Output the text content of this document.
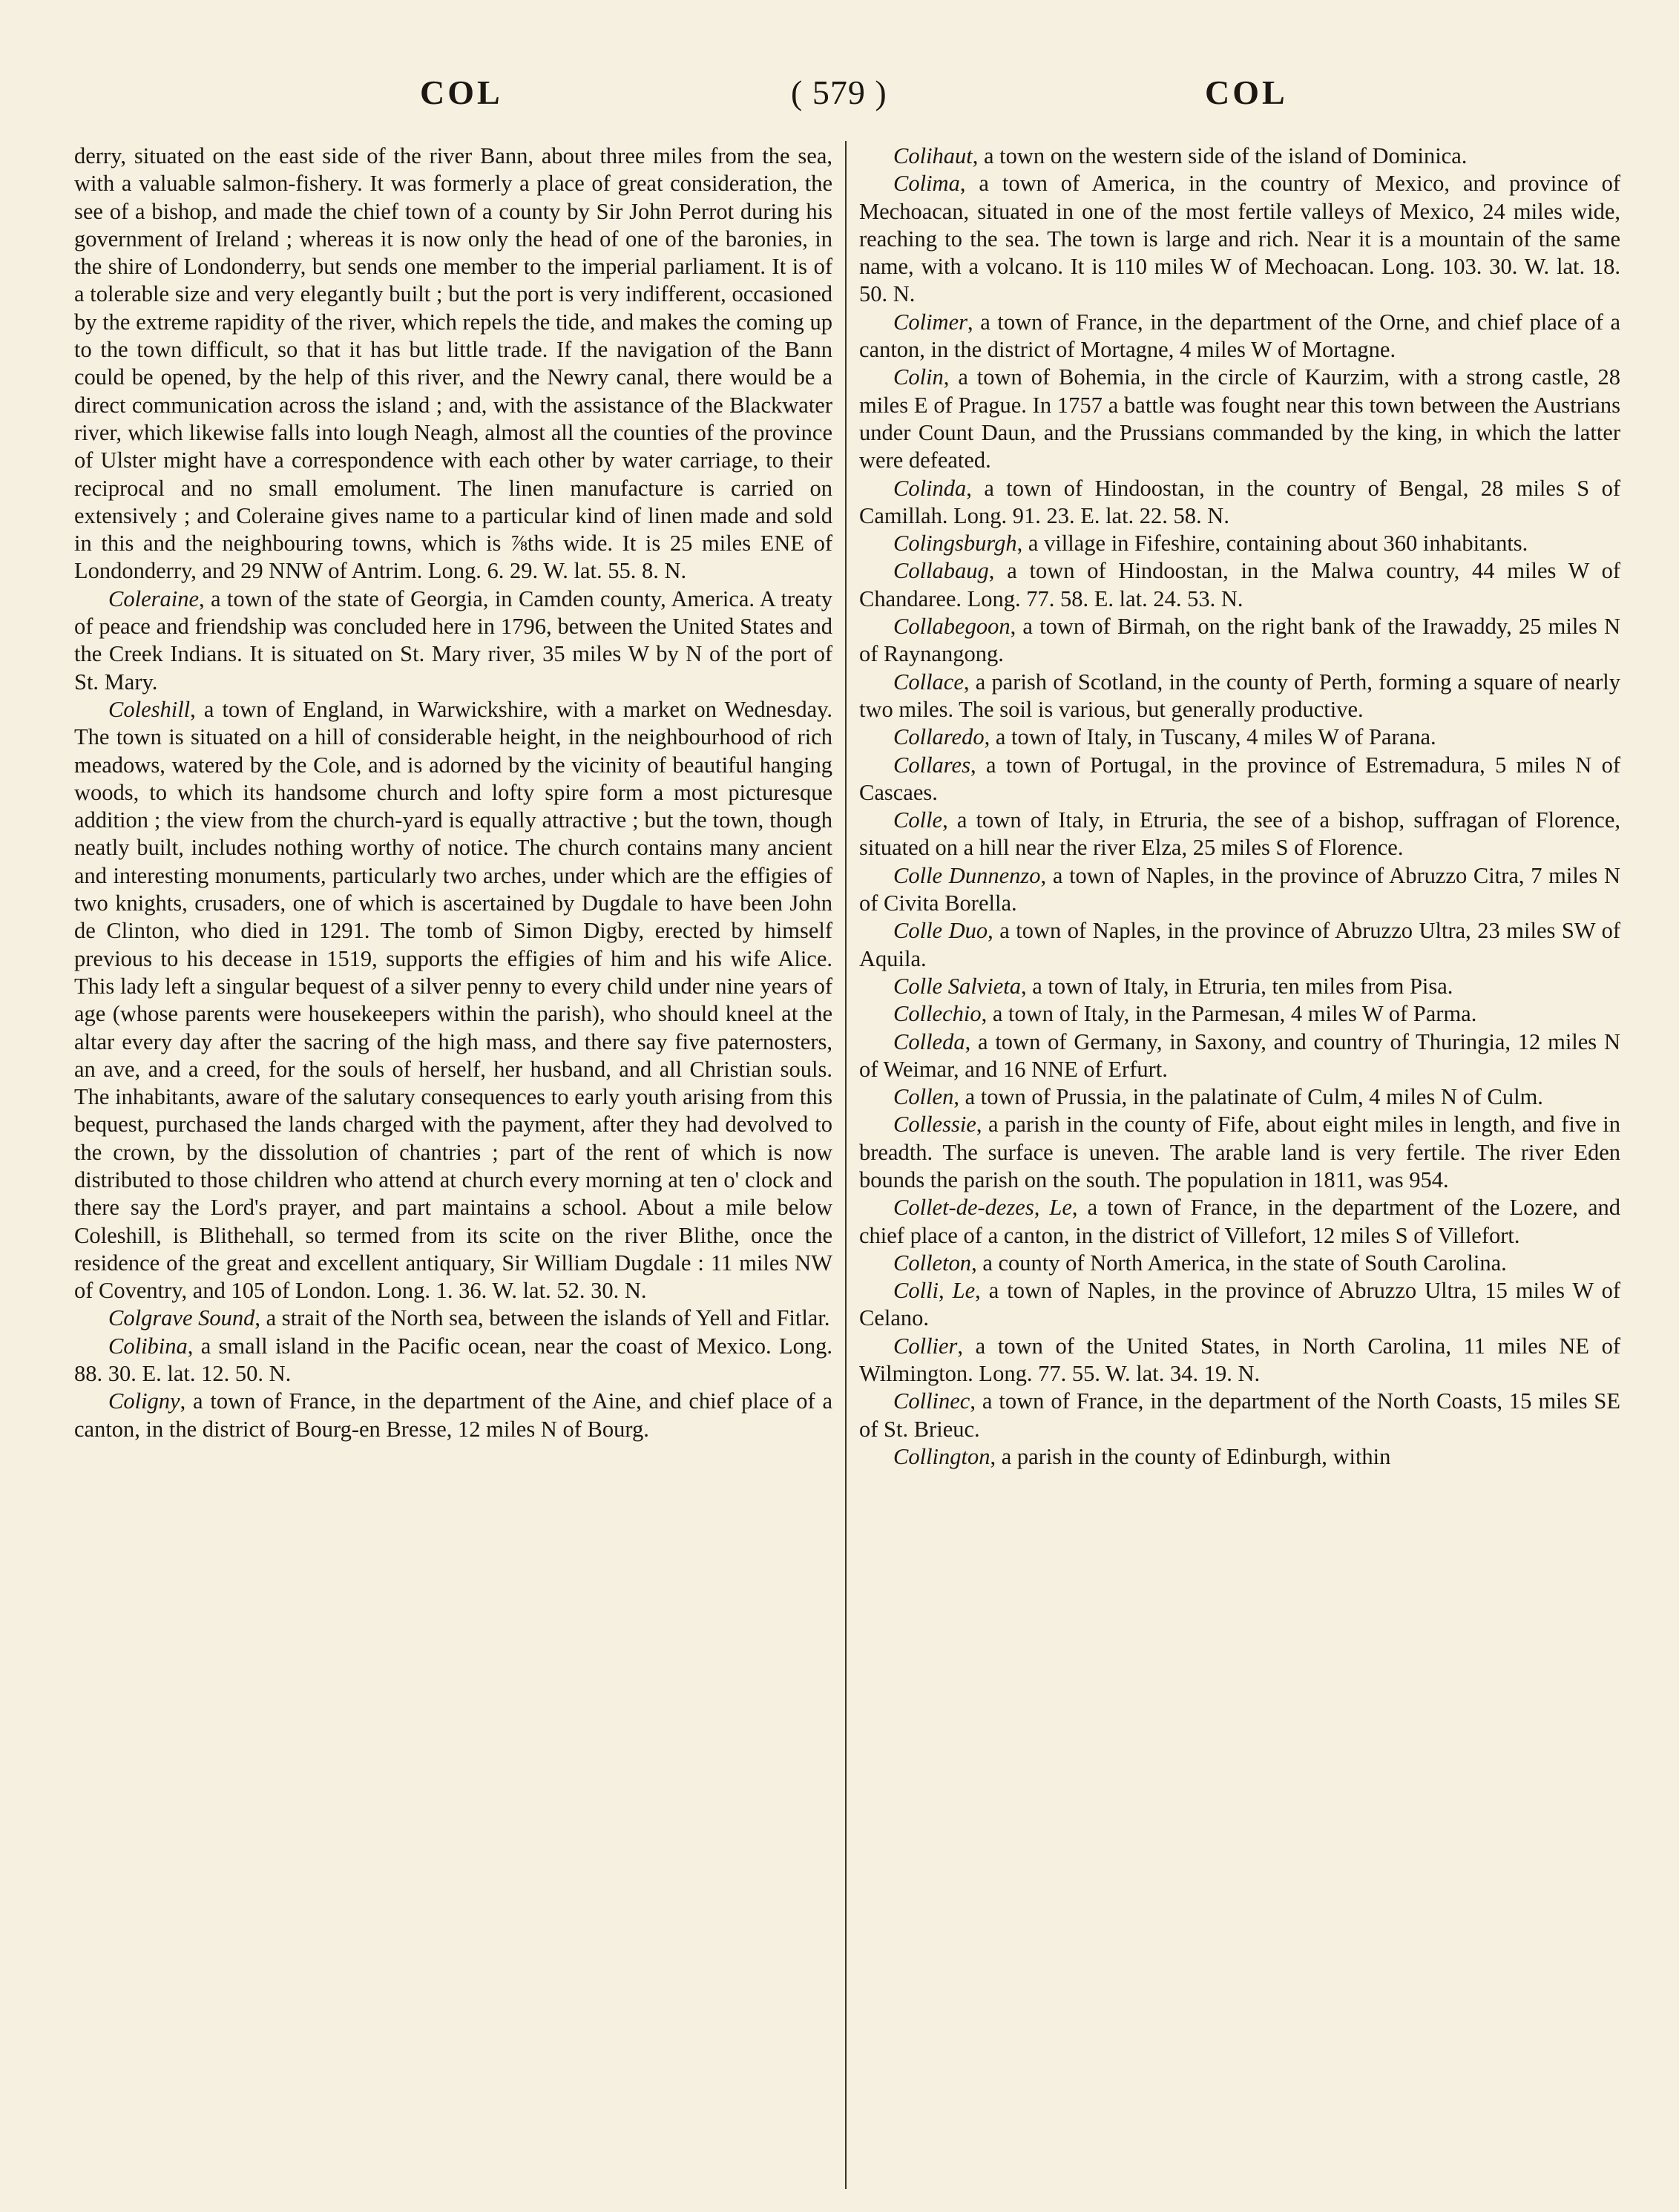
COL	( 579 )	COL

derry, situated on the east side of the river Bann, about three miles from the sea, with a valuable salmon-fishery. It was formerly a place of great consideration, the see of a bishop, and made the chief town of a county by Sir John Perrot during his government of Ireland ; whereas it is now only the head of one of the baronies, in the shire of Londonderry, but sends one member to the imperial parliament. It is of a tolerable size and very elegantly built ; but the port is very indifferent, occasioned by the extreme rapidity of the river, which repels the tide, and makes the coming up to the town difficult, so that it has but little trade. If the navigation of the Bann could be opened, by the help of this river, and the Newry canal, there would be a direct communication across the island ; and, with the assistance of the Blackwater river, which likewise falls into lough Neagh, almost all the counties of the province of Ulster might have a correspondence with each other by water carriage, to their reciprocal and no small emolument. The linen manufacture is carried on extensively ; and Coleraine gives name to a particular kind of linen made and sold in this and the neighbouring towns, which is ⅞ths wide. It is 25 miles ENE of Londonderry, and 29 NNW of Antrim. Long. 6. 29. W. lat. 55. 8. N.

Coleraine, a town of the state of Georgia, in Camden county, America. A treaty of peace and friendship was concluded here in 1796, between the United States and the Creek Indians. It is situated on St. Mary river, 35 miles W by N of the port of St. Mary.

Coleshill, a town of England, in Warwickshire, with a market on Wednesday. The town is situated on a hill of considerable height, in the neighbourhood of rich meadows, watered by the Cole, and is adorned by the vicinity of beautiful hanging woods, to which its handsome church and lofty spire form a most picturesque addition ; the view from the church-yard is equally attractive ; but the town, though neatly built, includes nothing worthy of notice. The church contains many ancient and interesting monuments, particularly two arches, under which are the effigies of two knights, crusaders, one of which is ascertained by Dugdale to have been John de Clinton, who died in 1291. The tomb of Simon Digby, erected by himself previous to his decease in 1519, supports the effigies of him and his wife Alice. This lady left a singular bequest of a silver penny to every child under nine years of age (whose parents were housekeepers within the parish), who should kneel at the altar every day after the sacring of the high mass, and there say five paternosters, an ave, and a creed, for the souls of herself, her husband, and all Christian souls. The inhabitants, aware of the salutary consequences to early youth arising from this bequest, purchased the lands charged with the payment, after they had devolved to the crown, by the dissolution of chantries ; part of the rent of which is now distributed to those children who attend at church every morning at ten o' clock and there say the Lord's prayer, and part maintains a school. About a mile below Coleshill, is Blithehall, so termed from its scite on the river Blithe, once the residence of the great and excellent antiquary, Sir William Dugdale : 11 miles NW of Coventry, and 105 of London. Long. 1. 36. W. lat. 52. 30. N.

Colgrave Sound, a strait of the North sea, between the islands of Yell and Fitlar.

Colibina, a small island in the Pacific ocean, near the coast of Mexico. Long. 88. 30. E. lat. 12. 50. N.

Coligny, a town of France, in the department of the Aine, and chief place of a canton, in the district of Bourg-en Bresse, 12 miles N of Bourg.

Colihaut, a town on the western side of the island of Dominica.

Colima, a town of America, in the country of Mexico, and province of Mechoacan, situated in one of the most fertile valleys of Mexico, 24 miles wide, reaching to the sea. The town is large and rich. Near it is a mountain of the same name, with a volcano. It is 110 miles W of Mechoacan. Long. 103. 30. W. lat. 18. 50. N.

Colimer, a town of France, in the department of the Orne, and chief place of a canton, in the district of Mortagne, 4 miles W of Mortagne.

Colin, a town of Bohemia, in the circle of Kaurzim, with a strong castle, 28 miles E of Prague. In 1757 a battle was fought near this town between the Austrians under Count Daun, and the Prussians commanded by the king, in which the latter were defeated.

Colinda, a town of Hindoostan, in the country of Bengal, 28 miles S of Camillah. Long. 91. 23. E. lat. 22. 58. N.

Colingsburgh, a village in Fifeshire, containing about 360 inhabitants.

Collabaug, a town of Hindoostan, in the Malwa country, 44 miles W of Chandaree. Long. 77. 58. E. lat. 24. 53. N.

Collabegoon, a town of Birmah, on the right bank of the Irawaddy, 25 miles N of Raynangong.

Collace, a parish of Scotland, in the county of Perth, forming a square of nearly two miles. The soil is various, but generally productive.

Collaredo, a town of Italy, in Tuscany, 4 miles W of Parana.

Collares, a town of Portugal, in the province of Estremadura, 5 miles N of Cascaes.

Colle, a town of Italy, in Etruria, the see of a bishop, suffragan of Florence, situated on a hill near the river Elza, 25 miles S of Florence.

Colle Dunnenzo, a town of Naples, in the province of Abruzzo Citra, 7 miles N of Civita Borella.

Colle Duo, a town of Naples, in the province of Abruzzo Ultra, 23 miles SW of Aquila.

Colle Salvieta, a town of Italy, in Etruria, ten miles from Pisa.

Collechio, a town of Italy, in the Parmesan, 4 miles W of Parma.

Colleda, a town of Germany, in Saxony, and country of Thuringia, 12 miles N of Weimar, and 16 NNE of Erfurt.

Collen, a town of Prussia, in the palatinate of Culm, 4 miles N of Culm.

Collessie, a parish in the county of Fife, about eight miles in length, and five in breadth. The surface is uneven. The arable land is very fertile. The river Eden bounds the parish on the south. The population in 1811, was 954.

Collet-de-dezes, Le, a town of France, in the department of the Lozere, and chief place of a canton, in the district of Villefort, 12 miles S of Villefort.

Colleton, a county of North America, in the state of South Carolina.

Colli, Le, a town of Naples, in the province of Abruzzo Ultra, 15 miles W of Celano.

Collier, a town of the United States, in North Carolina, 11 miles NE of Wilmington. Long. 77. 55. W. lat. 34. 19. N.

Collinec, a town of France, in the department of the North Coasts, 15 miles SE of St. Brieuc.

Collington, a parish in the county of Edinburgh, within
